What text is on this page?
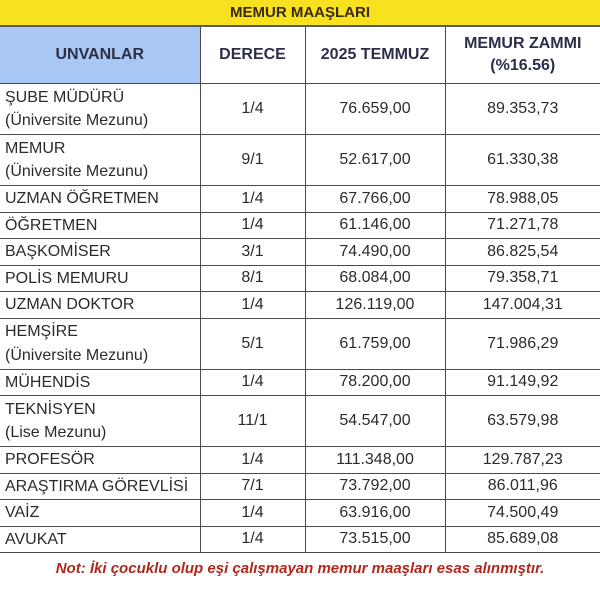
MEMUR MAAŞLARI
UNVANLAR	DERECE	2025 TEMMUZ	MEMUR ZAMMI
(%16.56)
ŞUBE MÜDÜRÜ
(Üniversite Mezunu)	1/4	76.659,00	89.353,73
MEMUR
(Üniversite Mezunu)	9/1	52.617,00	61.330,38
UZMAN ÖĞRETMEN	1/4	67.766,00	78.988,05
ÖĞRETMEN	1/4	61.146,00	71.271,78
BAŞKOMİSER	3/1	74.490,00	86.825,54
POLİS MEMURU	8/1	68.084,00	79.358,71
UZMAN DOKTOR	1/4	126.119,00	147.004,31
HEMŞİRE
(Üniversite Mezunu)	5/1	61.759,00	71.986,29
MÜHENDİS	1/4	78.200,00	91.149,92
TEKNİSYEN
(Lise Mezunu)	11/1	54.547,00	63.579,98
PROFESÖR	1/4	111.348,00	129.787,23
ARAŞTIRMA GÖREVLİSİ	7/1	73.792,00	86.011,96
VAİZ	1/4	63.916,00	74.500,49
AVUKAT	1/4	73.515,00	85.689,08
Not: İki çocuklu olup eşi çalışmayan memur maaşları esas alınmıştır.
